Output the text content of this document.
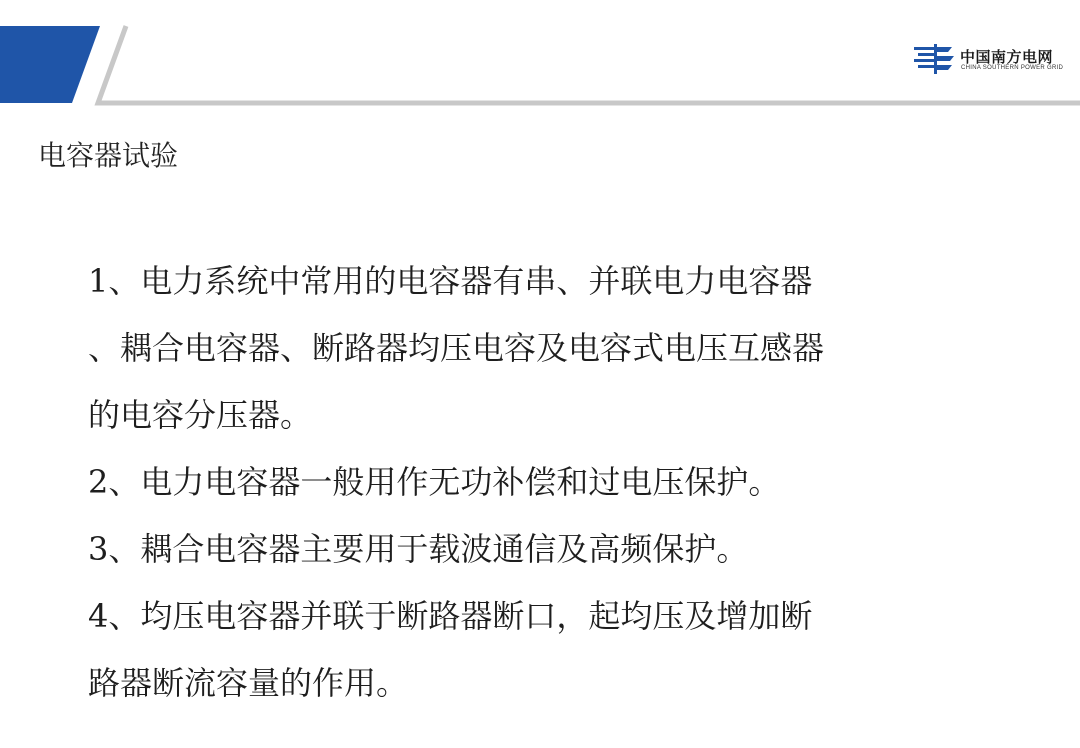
中国南方电网
CHINA SOUTHERN POWER GRID
电容器试验
1、电力系统中常用的电容器有串、并联电力电容器
、耦合电容器、断路器均压电容及电容式电压互感器
的电容分压器。
2、电力电容器一般用作无功补偿和过电压保护。
3、耦合电容器主要用于载波通信及高频保护。
4、均压电容器并联于断路器断口，起均压及增加断
路器断流容量的作用。
